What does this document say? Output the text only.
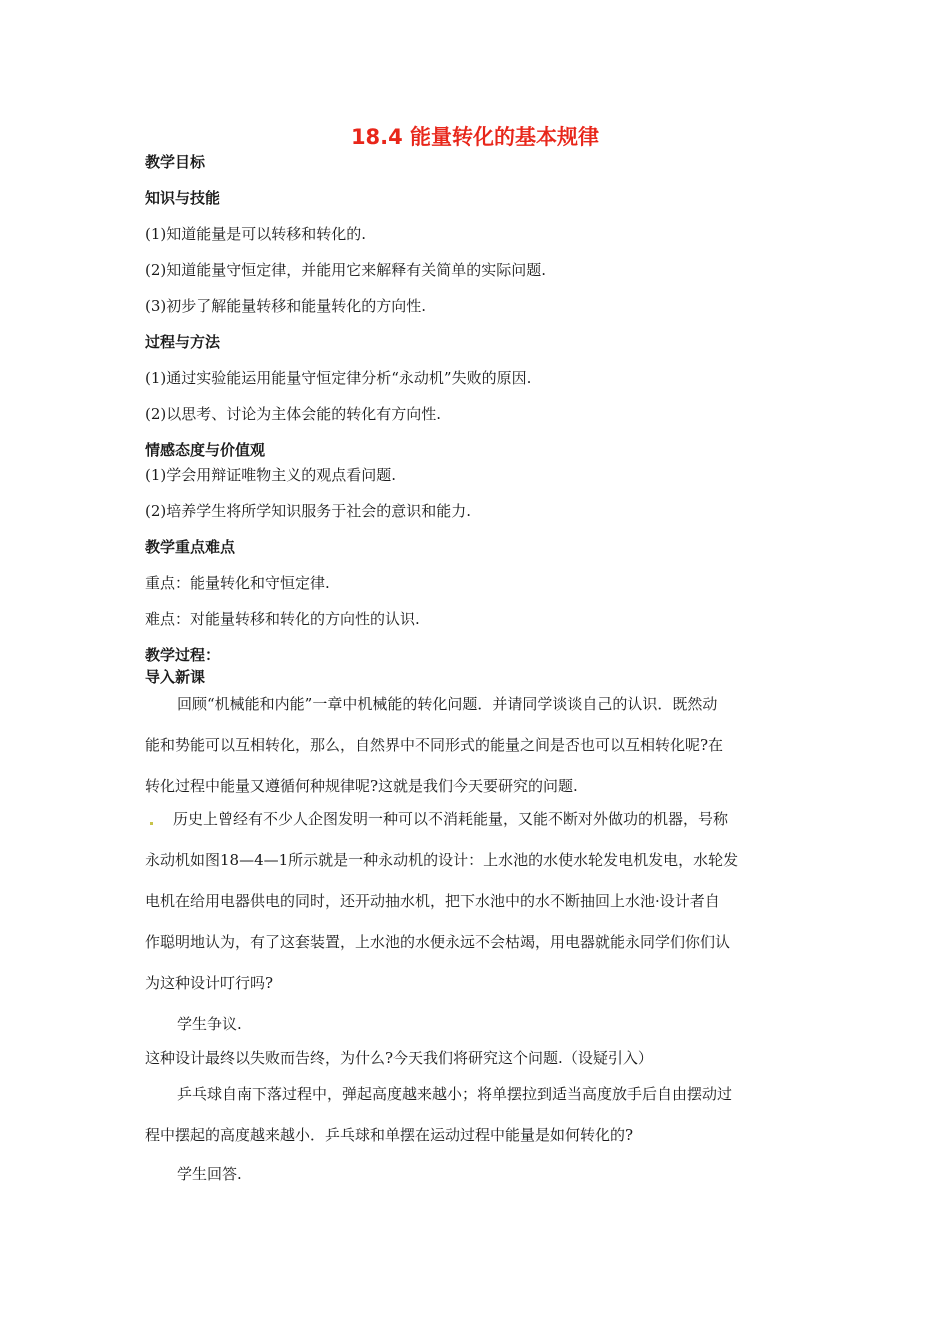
18.4 能量转化的基本规律
教学目标
知识与技能
(1)知道能量是可以转移和转化的.
(2)知道能量守恒定律，并能用它来解释有关简单的实际问题.
(3)初步了解能量转移和能量转化的方向性.
过程与方法
(1)通过实验能运用能量守恒定律分析“永动机”失败的原因.
(2)以思考、讨论为主体会能的转化有方向性.
情感态度与价值观
(1)学会用辩证唯物主义的观点看问题.
(2)培养学生将所学知识服务于社会的意识和能力.
教学重点难点
重点：能量转化和守恒定律.
难点：对能量转移和转化的方向性的认识.
教学过程：
导入新课
回顾“机械能和内能”一章中机械能的转化问题．并请同学谈谈自己的认识．既然动
能和势能可以互相转化，那么，自然界中不同形式的能量之间是否也可以互相转化呢?在
转化过程中能量又遵循何种规律呢?这就是我们今天要研究的问题.
历史上曾经有不少人企图发明一种可以不消耗能量，又能不断对外做功的机器，号称
永动机如图18—4—1所示就是一种永动机的设计：上水池的水使水轮发电机发电，水轮发
电机在给用电器供电的同时，还开动抽水机，把下水池中的水不断抽回上水池·设计者自
作聪明地认为，有了这套装置，上水池的水便永远不会枯竭，用电器就能永同学们你们认
为这种设计叮行吗?
学生争议.
这种设计最终以失败而告终，为什么?今天我们将研究这个问题.（设疑引入）
乒乓球自南下落过程中，弹起高度越来越小；将单摆拉到适当高度放手后自由摆动过
程中摆起的高度越来越小．乒乓球和单摆在运动过程中能量是如何转化的?
学生回答.
